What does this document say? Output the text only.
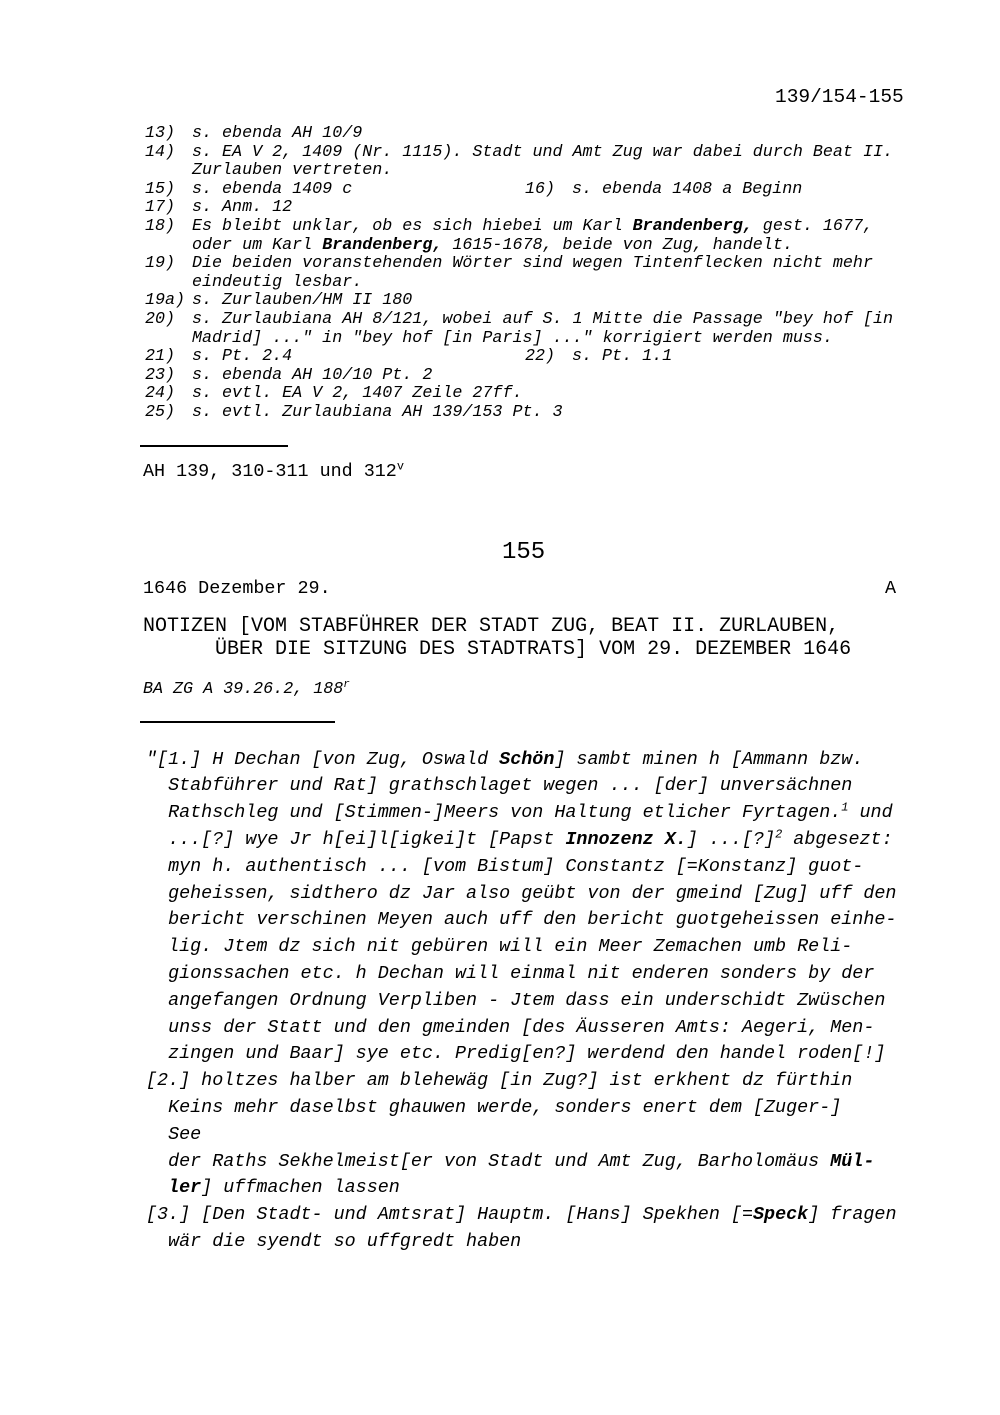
139/154-155
13) s. ebenda AH 10/9
14) s. EA V 2, 1409 (Nr. 1115). Stadt und Amt Zug war dabei durch Beat II.
Zurlauben vertreten.
15) s. ebenda 1409 c	16) s. ebenda 1408 a Beginn
17) s. Anm. 12
18) Es bleibt unklar, ob es sich hiebei um Karl Brandenberg, gest. 1677,
oder um Karl Brandenberg, 1615-1678, beide von Zug, handelt.
19) Die beiden voranstehenden Wörter sind wegen Tintenflecken nicht mehr
eindeutig lesbar.
19a) s. Zurlauben/HM II 180
20) s. Zurlaubiana AH 8/121, wobei auf S. 1 Mitte die Passage "bey hof [in
Madrid] ..." in "bey hof [in Paris] ..." korrigiert werden muss.
21) s. Pt. 2.4	22) s. Pt. 1.1
23) s. ebenda AH 10/10 Pt. 2
24) s. evtl. EA V 2, 1407 Zeile 27ff.
25) s. evtl. Zurlaubiana AH 139/153 Pt. 3
AH 139, 310-311 und 312$^v$
155
1646 Dezember 29.	A
NOTIZEN [VOM STABFÜHRER DER STADT ZUG, BEAT II. ZURLAUBEN,
ÜBER DIE SITZUNG DES STADTRATS] VOM 29. DEZEMBER 1646
BA ZG A 39.26.2, 188$^r$
"[1.] H Dechan [von Zug, Oswald Schön] sambt minen h [Ammann bzw.
Stabführer und Rat] grathschlaget wegen ... [der] unversächnen
Rathschleg und [Stimmen-]Meers von Haltung etlicher Fyrtagen.$^1$ und
...[?] wye Jr h[ei]l[igkei]t [Papst Innozenz X.] ...[?]$^2$ abgesezt:
myn h. authentisch ... [vom Bistum] Constantz [=Konstanz] guot-
geheissen, sidthero dz Jar also geübt von der gmeind [Zug] uff den
bericht verschinen Meyen auch uff den bericht guotgeheissen einhe-
lig. Jtem dz sich nit gebüren will ein Meer Zemachen umb Reli-
gionssachen etc. h Dechan will einmal nit enderen sonders by der
angefangen Ordnung Verpliben - Jtem dass ein underschidt Zwüschen
unss der Statt und den gmeinden [des Äusseren Amts: Aegeri, Men-
zingen und Baar] sye etc. Predig[en?] werdend den handel roden[!]
[2.] holtzes halber am blehewäg [in Zug?] ist erkhent dz fürthin
Keins mehr daselbst ghauwen werde, sonders enert dem [Zuger-]
See
der Raths Sekhelmeist[er von Stadt und Amt Zug, Barholomäus Mül-
ler] uffmachen lassen
[3.] [Den Stadt- und Amtsrat] Hauptm. [Hans] Spekhen [=Speck] fragen
wär die syendt so uffgredt haben
